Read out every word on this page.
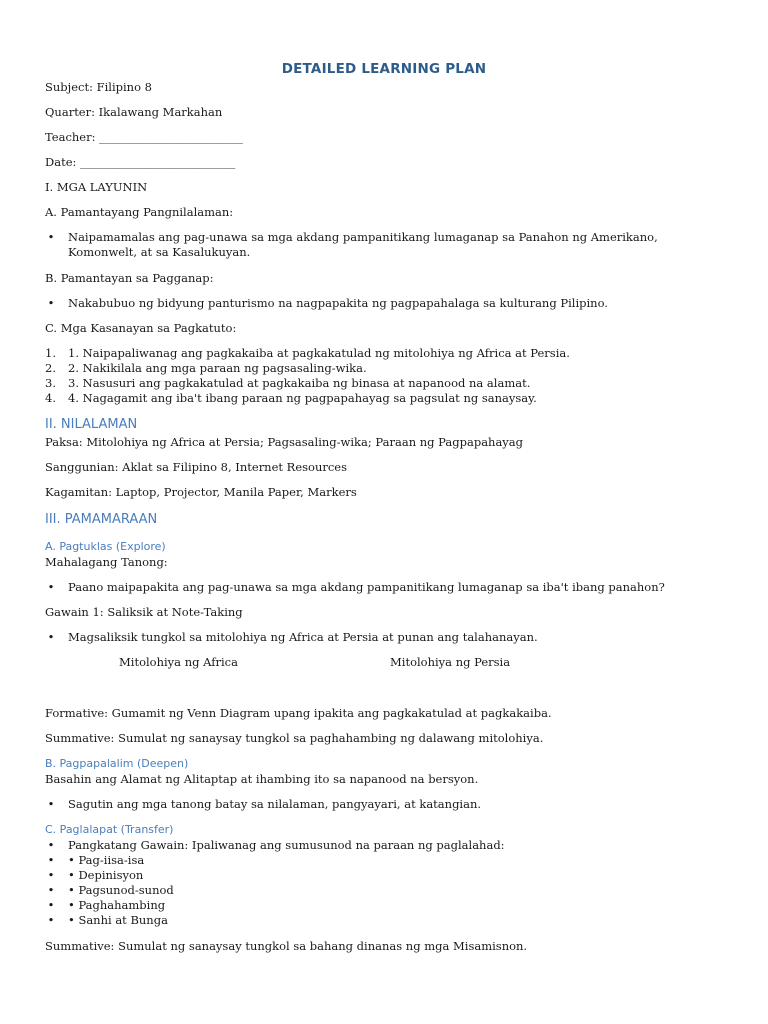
DETAILED LEARNING PLAN
Subject: Filipino 8
Quarter: Ikalawang Markahan
Teacher: _________________________
Date: ___________________________
I. MGA LAYUNIN
A. Pamantayang Pangnilalaman:
• Naipamamalas ang pag-unawa sa mga akdang pampanitikang lumaganap sa Panahon ng Amerikano,
Komonwelt, at sa Kasalukuyan.
B. Pamantayan sa Pagganap:
• Nakabubuo ng bidyung panturismo na nagpapakita ng pagpapahalaga sa kulturang Pilipino.
C. Mga Kasanayan sa Pagkatuto:
1. 1. Naipapaliwanag ang pagkakaiba at pagkakatulad ng mitolohiya ng Africa at Persia.
2. 2. Nakikilala ang mga paraan ng pagsasaling-wika.
3. 3. Nasusuri ang pagkakatulad at pagkakaiba ng binasa at napanood na alamat.
4. 4. Nagagamit ang iba't ibang paraan ng pagpapahayag sa pagsulat ng sanaysay.
II. NILALAMAN
Paksa: Mitolohiya ng Africa at Persia; Pagsasaling-wika; Paraan ng Pagpapahayag
Sanggunian: Aklat sa Filipino 8, Internet Resources
Kagamitan: Laptop, Projector, Manila Paper, Markers
III. PAMAMARAAN
A. Pagtuklas (Explore)
Mahalagang Tanong:
• Paano maipapakita ang pag-unawa sa mga akdang pampanitikang lumaganap sa iba't ibang panahon?
Gawain 1: Saliksik at Note-Taking
• Magsaliksik tungkol sa mitolohiya ng Africa at Persia at punan ang talahanayan.
Mitolohiya ng Africa	Mitolohiya ng Persia
Formative: Gumamit ng Venn Diagram upang ipakita ang pagkakatulad at pagkakaiba.
Summative: Sumulat ng sanaysay tungkol sa paghahambing ng dalawang mitolohiya.
B. Pagpapalalim (Deepen)
Basahin ang Alamat ng Alitaptap at ihambing ito sa napanood na bersyon.
• Sagutin ang mga tanong batay sa nilalaman, pangyayari, at katangian.
C. Paglalapat (Transfer)
• Pangkatang Gawain: Ipaliwanag ang sumusunod na paraan ng paglalahad:
• • Pag-iisa-isa
• • Depinisyon
• • Pagsunod-sunod
• • Paghahambing
• • Sanhi at Bunga
Summative: Sumulat ng sanaysay tungkol sa bahang dinanas ng mga Misamisnon.
